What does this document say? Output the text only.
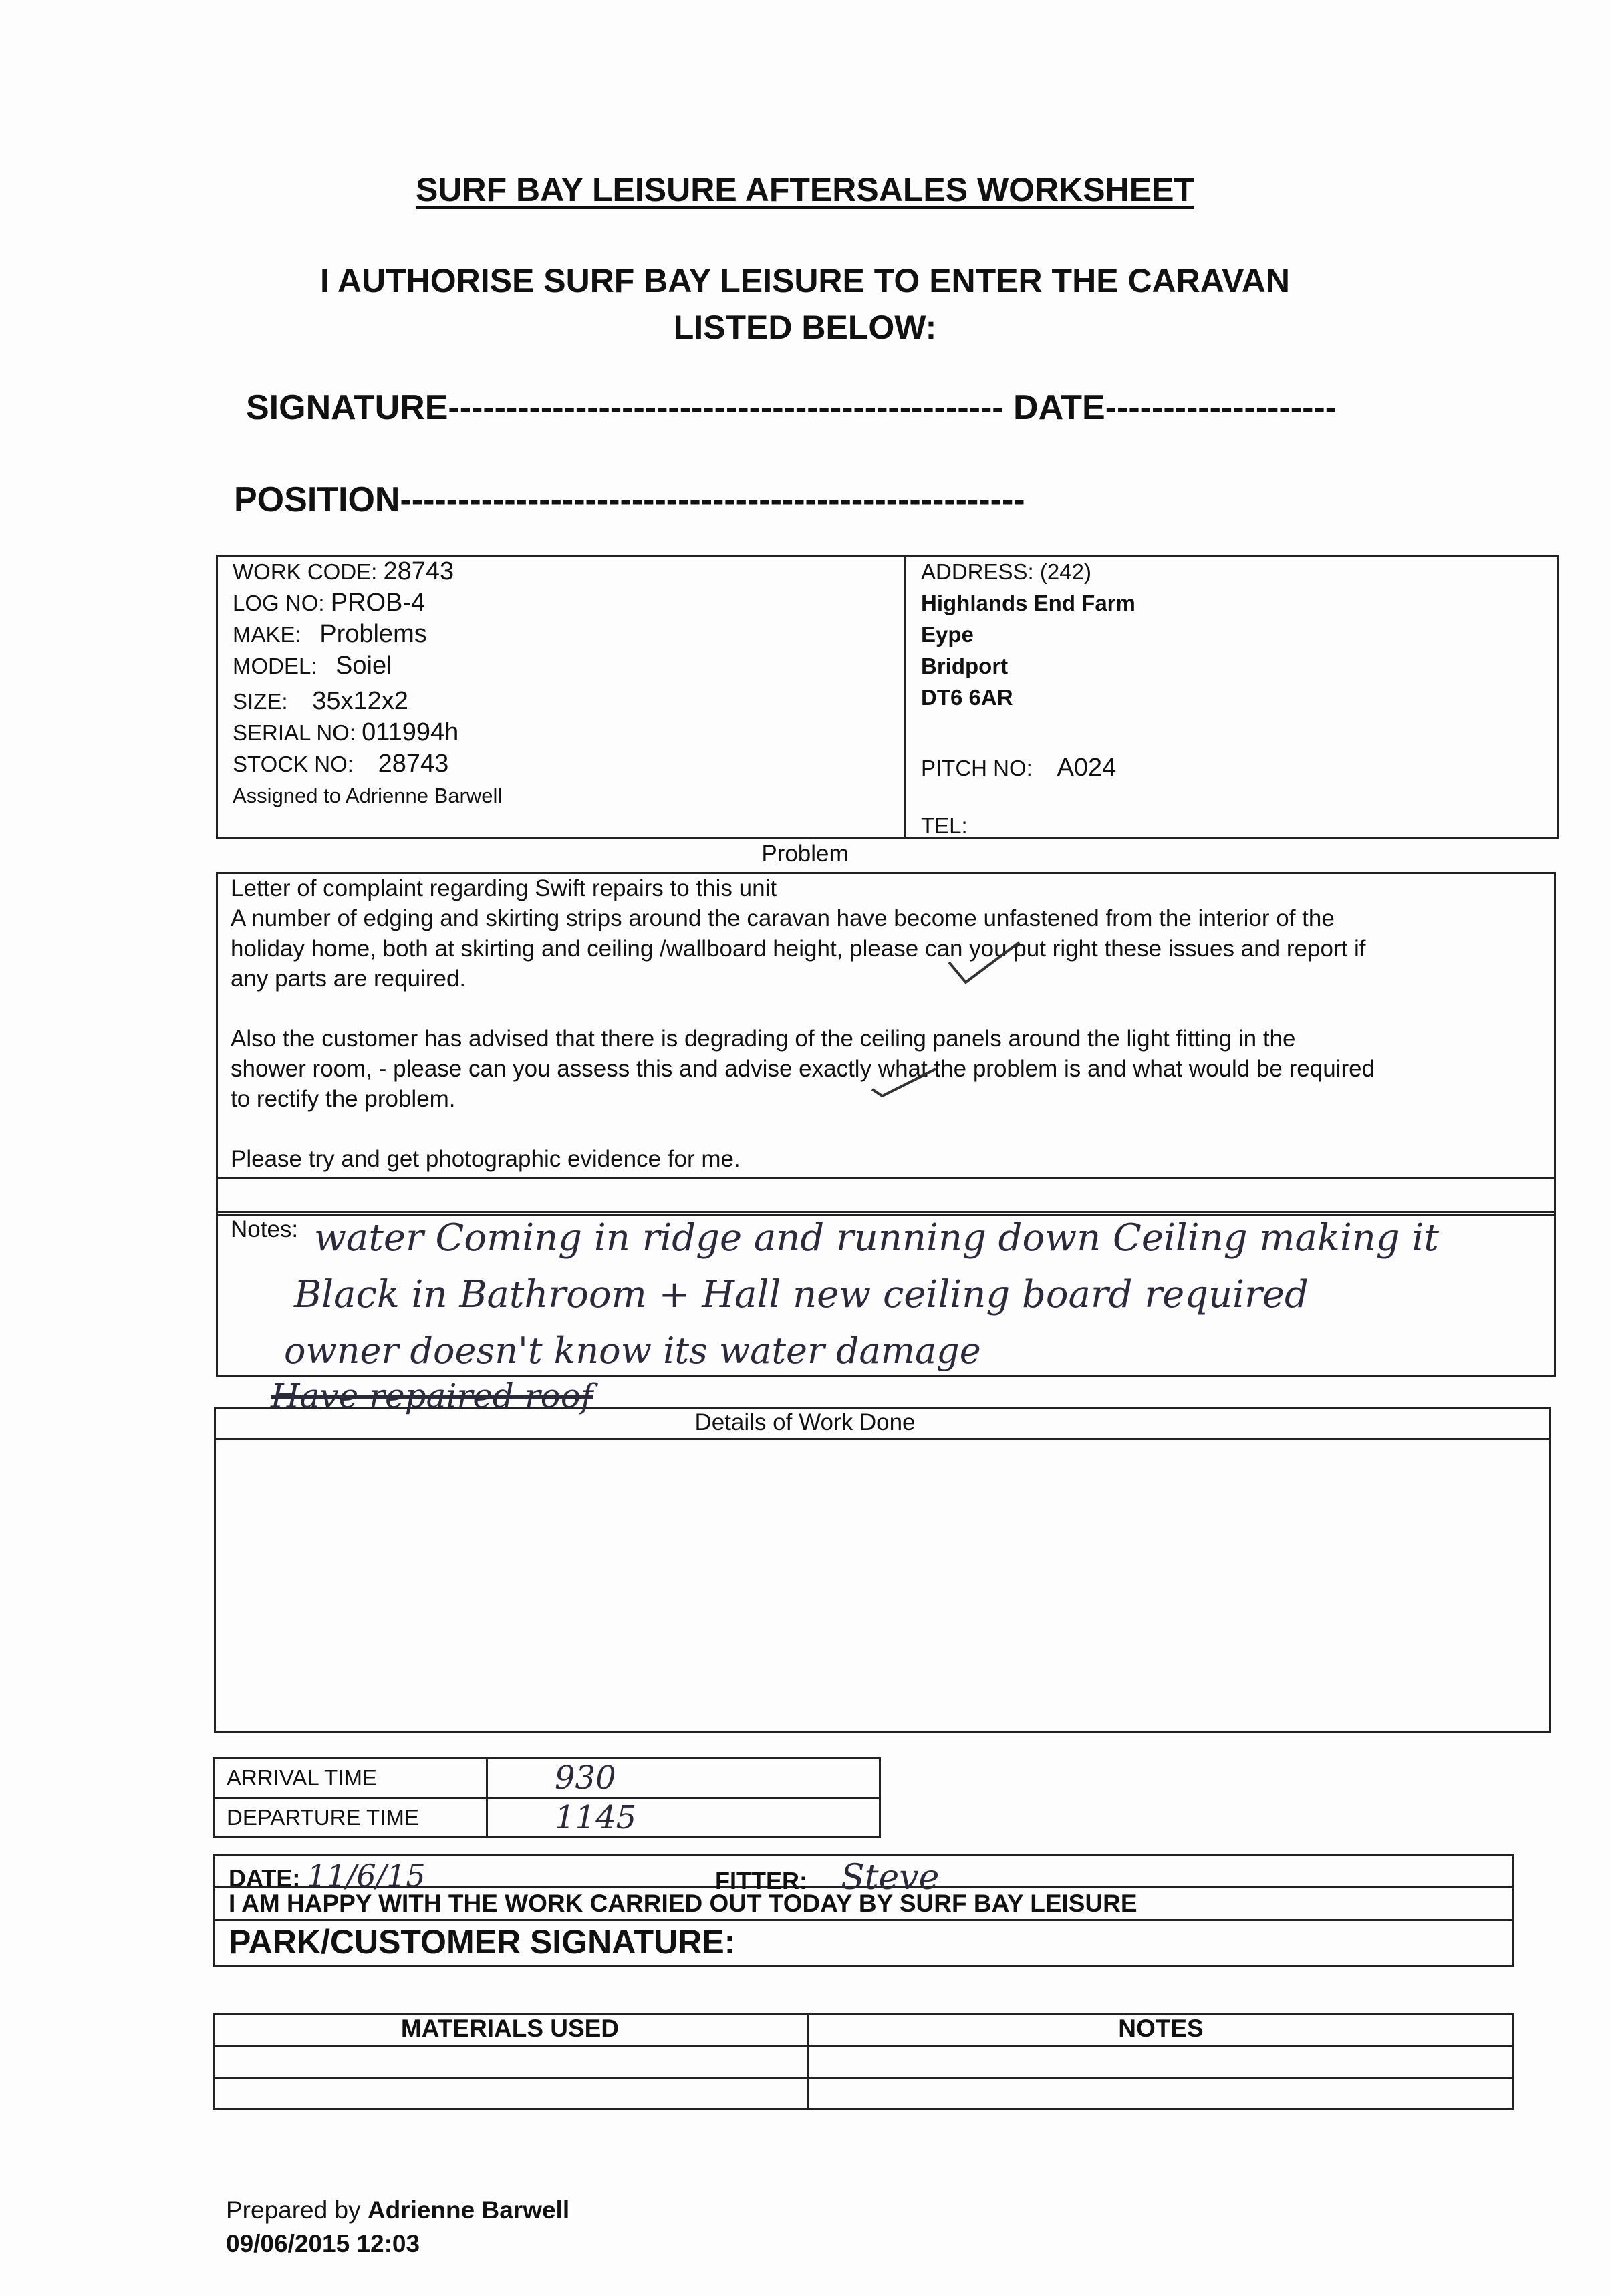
SURF BAY LEISURE AFTERSALES WORKSHEET
I AUTHORISE SURF BAY LEISURE TO ENTER THE CARAVAN
LISTED BELOW:
SIGNATURE------------------------------------------------ DATE--------------------
POSITION------------------------------------------------------
WORK CODE: 28743
LOG NO: PROB-4
MAKE: Problems
MODEL: Soiel
SIZE: 35x12x2
SERIAL NO: 011994h
STOCK NO: 28743
Assigned to Adrienne Barwell
ADDRESS: (242)
Highlands End Farm
Eype
Bridport
DT6 6AR
PITCH NO: A024
TEL:
Problem
Letter of complaint regarding Swift repairs to this unit
A number of edging and skirting strips around the caravan have become unfastened from the interior of the
holiday home, both at skirting and ceiling /wallboard height, please can you put right these issues and report if
any parts are required.
Also the customer has advised that there is degrading of the ceiling panels around the light fitting in the
shower room, - please can you assess this and advise exactly what the problem is and what would be required
to rectify the problem.
Please try and get photographic evidence for me.
Notes: water Coming in ridge and running down Ceiling making it
Black in Bathroom + Hall new ceiling board required
owner doesn't know its water damage
Details of Work Done
Have repaired roof
ARRIVAL TIME	930
DEPARTURE TIME	1145
DATE: 11/6/15	FITTER: Steve
I AM HAPPY WITH THE WORK CARRIED OUT TODAY BY SURF BAY LEISURE
PARK/CUSTOMER SIGNATURE:
MATERIALS USED	NOTES
Prepared by Adrienne Barwell
09/06/2015 12:03
